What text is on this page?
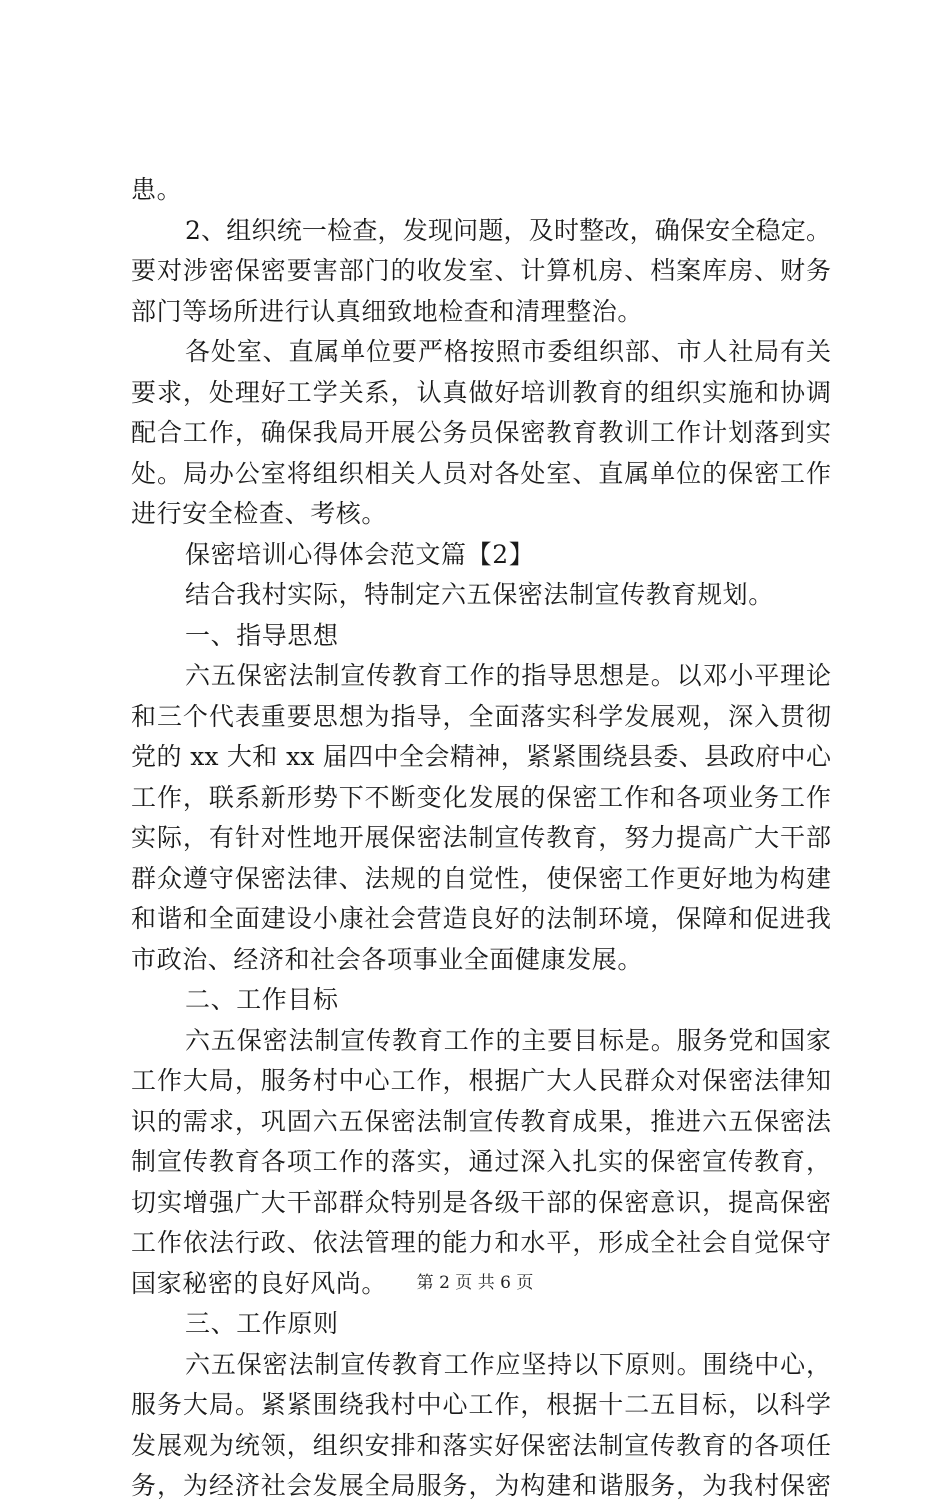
患。
2、组织统一检查，发现问题，及时整改，确保安全稳定。
要对涉密保密要害部门的收发室、计算机房、档案库房、财务
部门等场所进行认真细致地检查和清理整治。
各处室、直属单位要严格按照市委组织部、市人社局有关
要求，处理好工学关系，认真做好培训教育的组织实施和协调
配合工作，确保我局开展公务员保密教育教训工作计划落到实
处。局办公室将组织相关人员对各处室、直属单位的保密工作
进行安全检查、考核。
保密培训心得体会范文篇【2】
结合我村实际，特制定六五保密法制宣传教育规划。
一、指导思想
六五保密法制宣传教育工作的指导思想是。以邓小平理论
和三个代表重要思想为指导，全面落实科学发展观，深入贯彻
党的 xx 大和 xx 届四中全会精神，紧紧围绕县委、县政府中心
工作，联系新形势下不断变化发展的保密工作和各项业务工作
实际，有针对性地开展保密法制宣传教育，努力提高广大干部
群众遵守保密法律、法规的自觉性，使保密工作更好地为构建
和谐和全面建设小康社会营造良好的法制环境，保障和促进我
市政治、经济和社会各项事业全面健康发展。
二、工作目标
六五保密法制宣传教育工作的主要目标是。服务党和国家
工作大局，服务村中心工作，根据广大人民群众对保密法律知
识的需求，巩固六五保密法制宣传教育成果，推进六五保密法
制宣传教育各项工作的落实，通过深入扎实的保密宣传教育，
切实增强广大干部群众特别是各级干部的保密意识，提高保密
工作依法行政、依法管理的能力和水平，形成全社会自觉保守
国家秘密的良好风尚。
三、工作原则
六五保密法制宣传教育工作应坚持以下原则。围绕中心，
服务大局。紧紧围绕我村中心工作，根据十二五目标，以科学
发展观为统领，组织安排和落实好保密法制宣传教育的各项任
务，为经济社会发展全局服务，为构建和谐服务，为我村保密
第 2 页 共 6 页
